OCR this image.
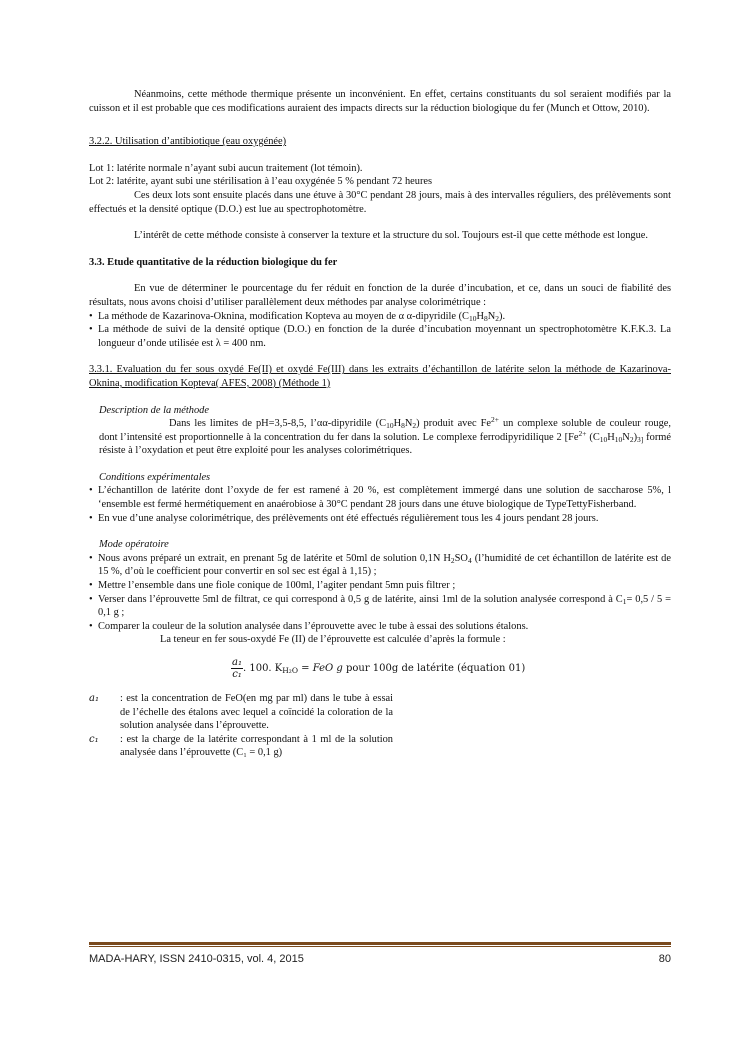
Néanmoins, cette méthode thermique présente un inconvénient. En effet, certains constituants du sol seraient modifiés par la cuisson et il est probable que ces modifications auraient des impacts directs sur la réduction biologique du fer (Munch et Ottow, 2010).

3.2.2. Utilisation d’antibiotique (eau oxygénée)

Lot 1: latérite normale n’ayant subi aucun traitement (lot témoin).

Lot 2: latérite, ayant subi une stérilisation à l’eau oxygénée 5 % pendant 72 heures

Ces deux lots sont ensuite placés dans une étuve à 30°C pendant 28 jours, mais à des intervalles réguliers, des prélèvements sont effectués et la densité optique (D.O.) est lue au spectrophotomètre.

L’intérêt de cette méthode consiste à conserver la texture et la structure du sol. Toujours est-il que cette méthode est longue.

3.3. Etude quantitative de la réduction biologique du fer

En vue de déterminer le pourcentage du fer réduit en fonction de la durée d’incubation, et ce, dans un souci de fiabilité des résultats, nous avons choisi d’utiliser parallèlement deux méthodes par analyse colorimétrique :

• La méthode de Kazarinova-Oknina, modification Kopteva au moyen de α α-dipyridile $(C_{10}H_8N_2)$.
• La méthode de suivi de la densité optique (D.O.) en fonction de la durée d’incubation moyennant un spectrophotomètre K.F.K.3. La longueur d’onde utilisée est λ = 400 nm.

3.3.1. Evaluation du fer sous oxydé Fe(II) et oxydé Fe(III) dans les extraits d’échantillon de latérite selon la méthode de Kazarinova-Oknina, modification Kopteva( AFES, 2008) (Méthode 1)

Description de la méthode

Dans les limites de pH=3,5-8,5, l’αα-dipyridile $(C_{10}H_8N_2)$ produit avec $Fe^{2+}$ un complexe soluble de couleur rouge, dont l’intensité est proportionnelle à la concentration du fer dans la solution. Le complexe ferrodipyridilique 2 [$Fe^{2+}$ $(C_{10}H_{10}N_2)_{3]}$ formé résiste à l’oxydation et peut être exploité pour les analyses colorimétriques.

Conditions expérimentales

• L’échantillon de latérite dont l’oxyde de fer est ramené à 20 %, est complètement immergé dans une solution de saccharose 5%, l ‘ensemble est fermé hermétiquement en anaérobiose à 30°C pendant 28 jours dans une étuve biologique de TypeTettyFisherband.
• En vue d’une analyse colorimétrique, des prélèvements ont été effectués régulièrement tous les 4 jours pendant 28 jours.

Mode opératoire

• Nous avons préparé un extrait, en prenant 5g de latérite et 50ml de solution 0,1N $H_2SO_4$ (l’humidité de cet échantillon de latérite est de 15 %, d’où le coefficient pour convertir en sol sec est égal à 1,15) ;
• Mettre l’ensemble dans une fiole conique de 100ml, l’agiter pendant 5mn puis filtrer ;
• Verser dans l’éprouvette 5ml de filtrat, ce qui correspond à 0,5 g de latérite, ainsi 1ml de la solution analysée correspond à $C_1= 0,5 / 5 = 0,1$ g ;
• Comparer la couleur de la solution analysée dans l’éprouvette avec le tube à essai des solutions étalons.

La teneur en fer sous-oxydé Fe (II) de l’éprouvette est calculée d’après la formule :

$\frac{\text{a₁}}{\text{c₁}}$ . 100. $K_{H_2O}$ = FeO g pour 100g de latérite (équation 01)
a₁	: est la concentration de FeO(en mg par ml) dans le tube à essai de l’échelle des étalons avec lequel a coïncidé la coloration de la solution analysée dans l’éprouvette.
c₁	: est la charge de la latérite correspondant à 1 ml de la solution analysée dans l’éprouvette (C₁ = 0,1 g)
MADA-HARY, ISSN 2410-0315, vol. 4, 2015	80
